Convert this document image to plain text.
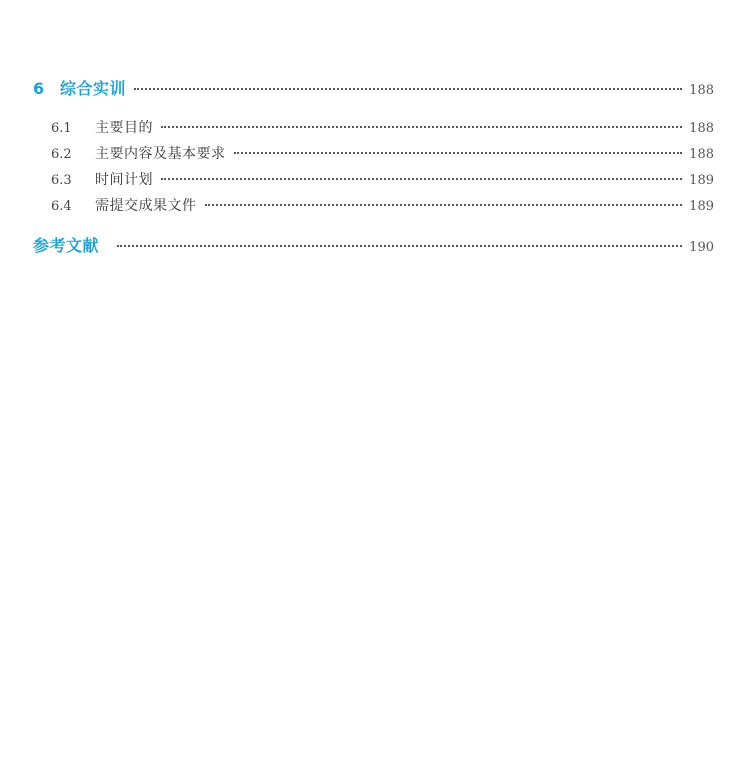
6 综合实训	188
6.1	主要目的	188
6.2	主要内容及基本要求	188
6.3	时间计划	189
6.4	需提交成果文件	189
参考文献	190
